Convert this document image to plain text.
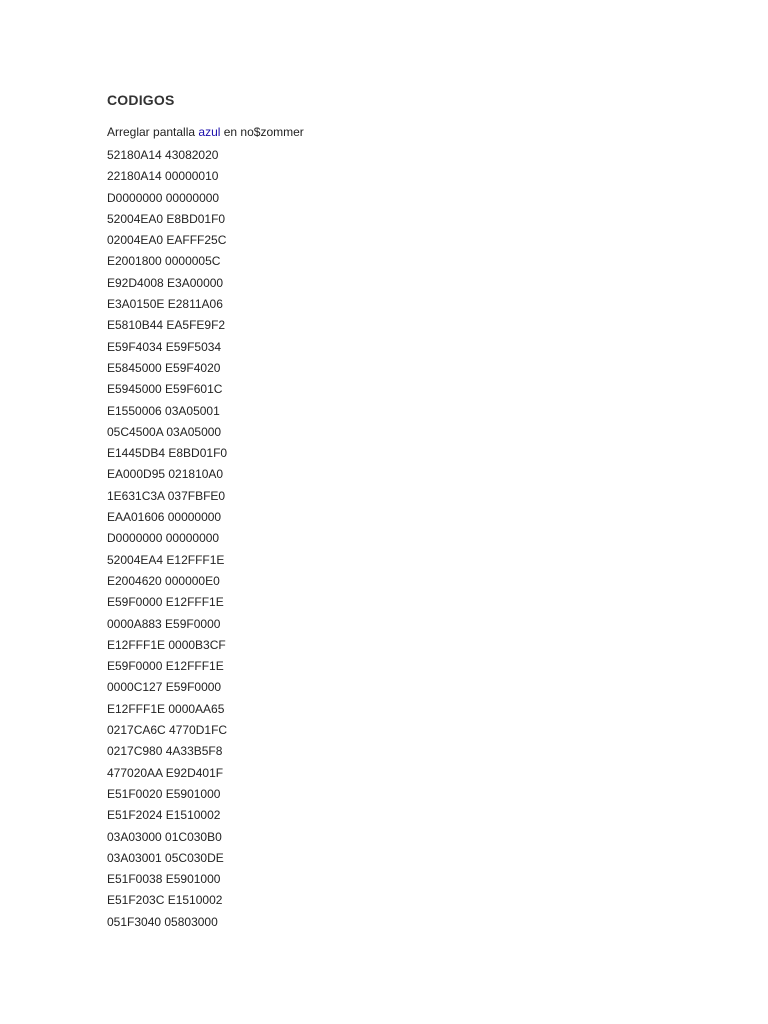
CODIGOS
Arreglar pantalla azul en no$zommer
52180A14 43082020
22180A14 00000010
D0000000 00000000
52004EA0 E8BD01F0
02004EA0 EAFFF25C
E2001800 0000005C
E92D4008 E3A00000
E3A0150E E2811A06
E5810B44 EA5FE9F2
E59F4034 E59F5034
E5845000 E59F4020
E5945000 E59F601C
E1550006 03A05001
05C4500A 03A05000
E1445DB4 E8BD01F0
EA000D95 021810A0
1E631C3A 037FBFE0
EAA01606 00000000
D0000000 00000000
52004EA4 E12FFF1E
E2004620 000000E0
E59F0000 E12FFF1E
0000A883 E59F0000
E12FFF1E 0000B3CF
E59F0000 E12FFF1E
0000C127 E59F0000
E12FFF1E 0000AA65
0217CA6C 4770D1FC
0217C980 4A33B5F8
477020AA E92D401F
E51F0020 E5901000
E51F2024 E1510002
03A03000 01C030B0
03A03001 05C030DE
E51F0038 E5901000
E51F203C E1510002
051F3040 05803000
